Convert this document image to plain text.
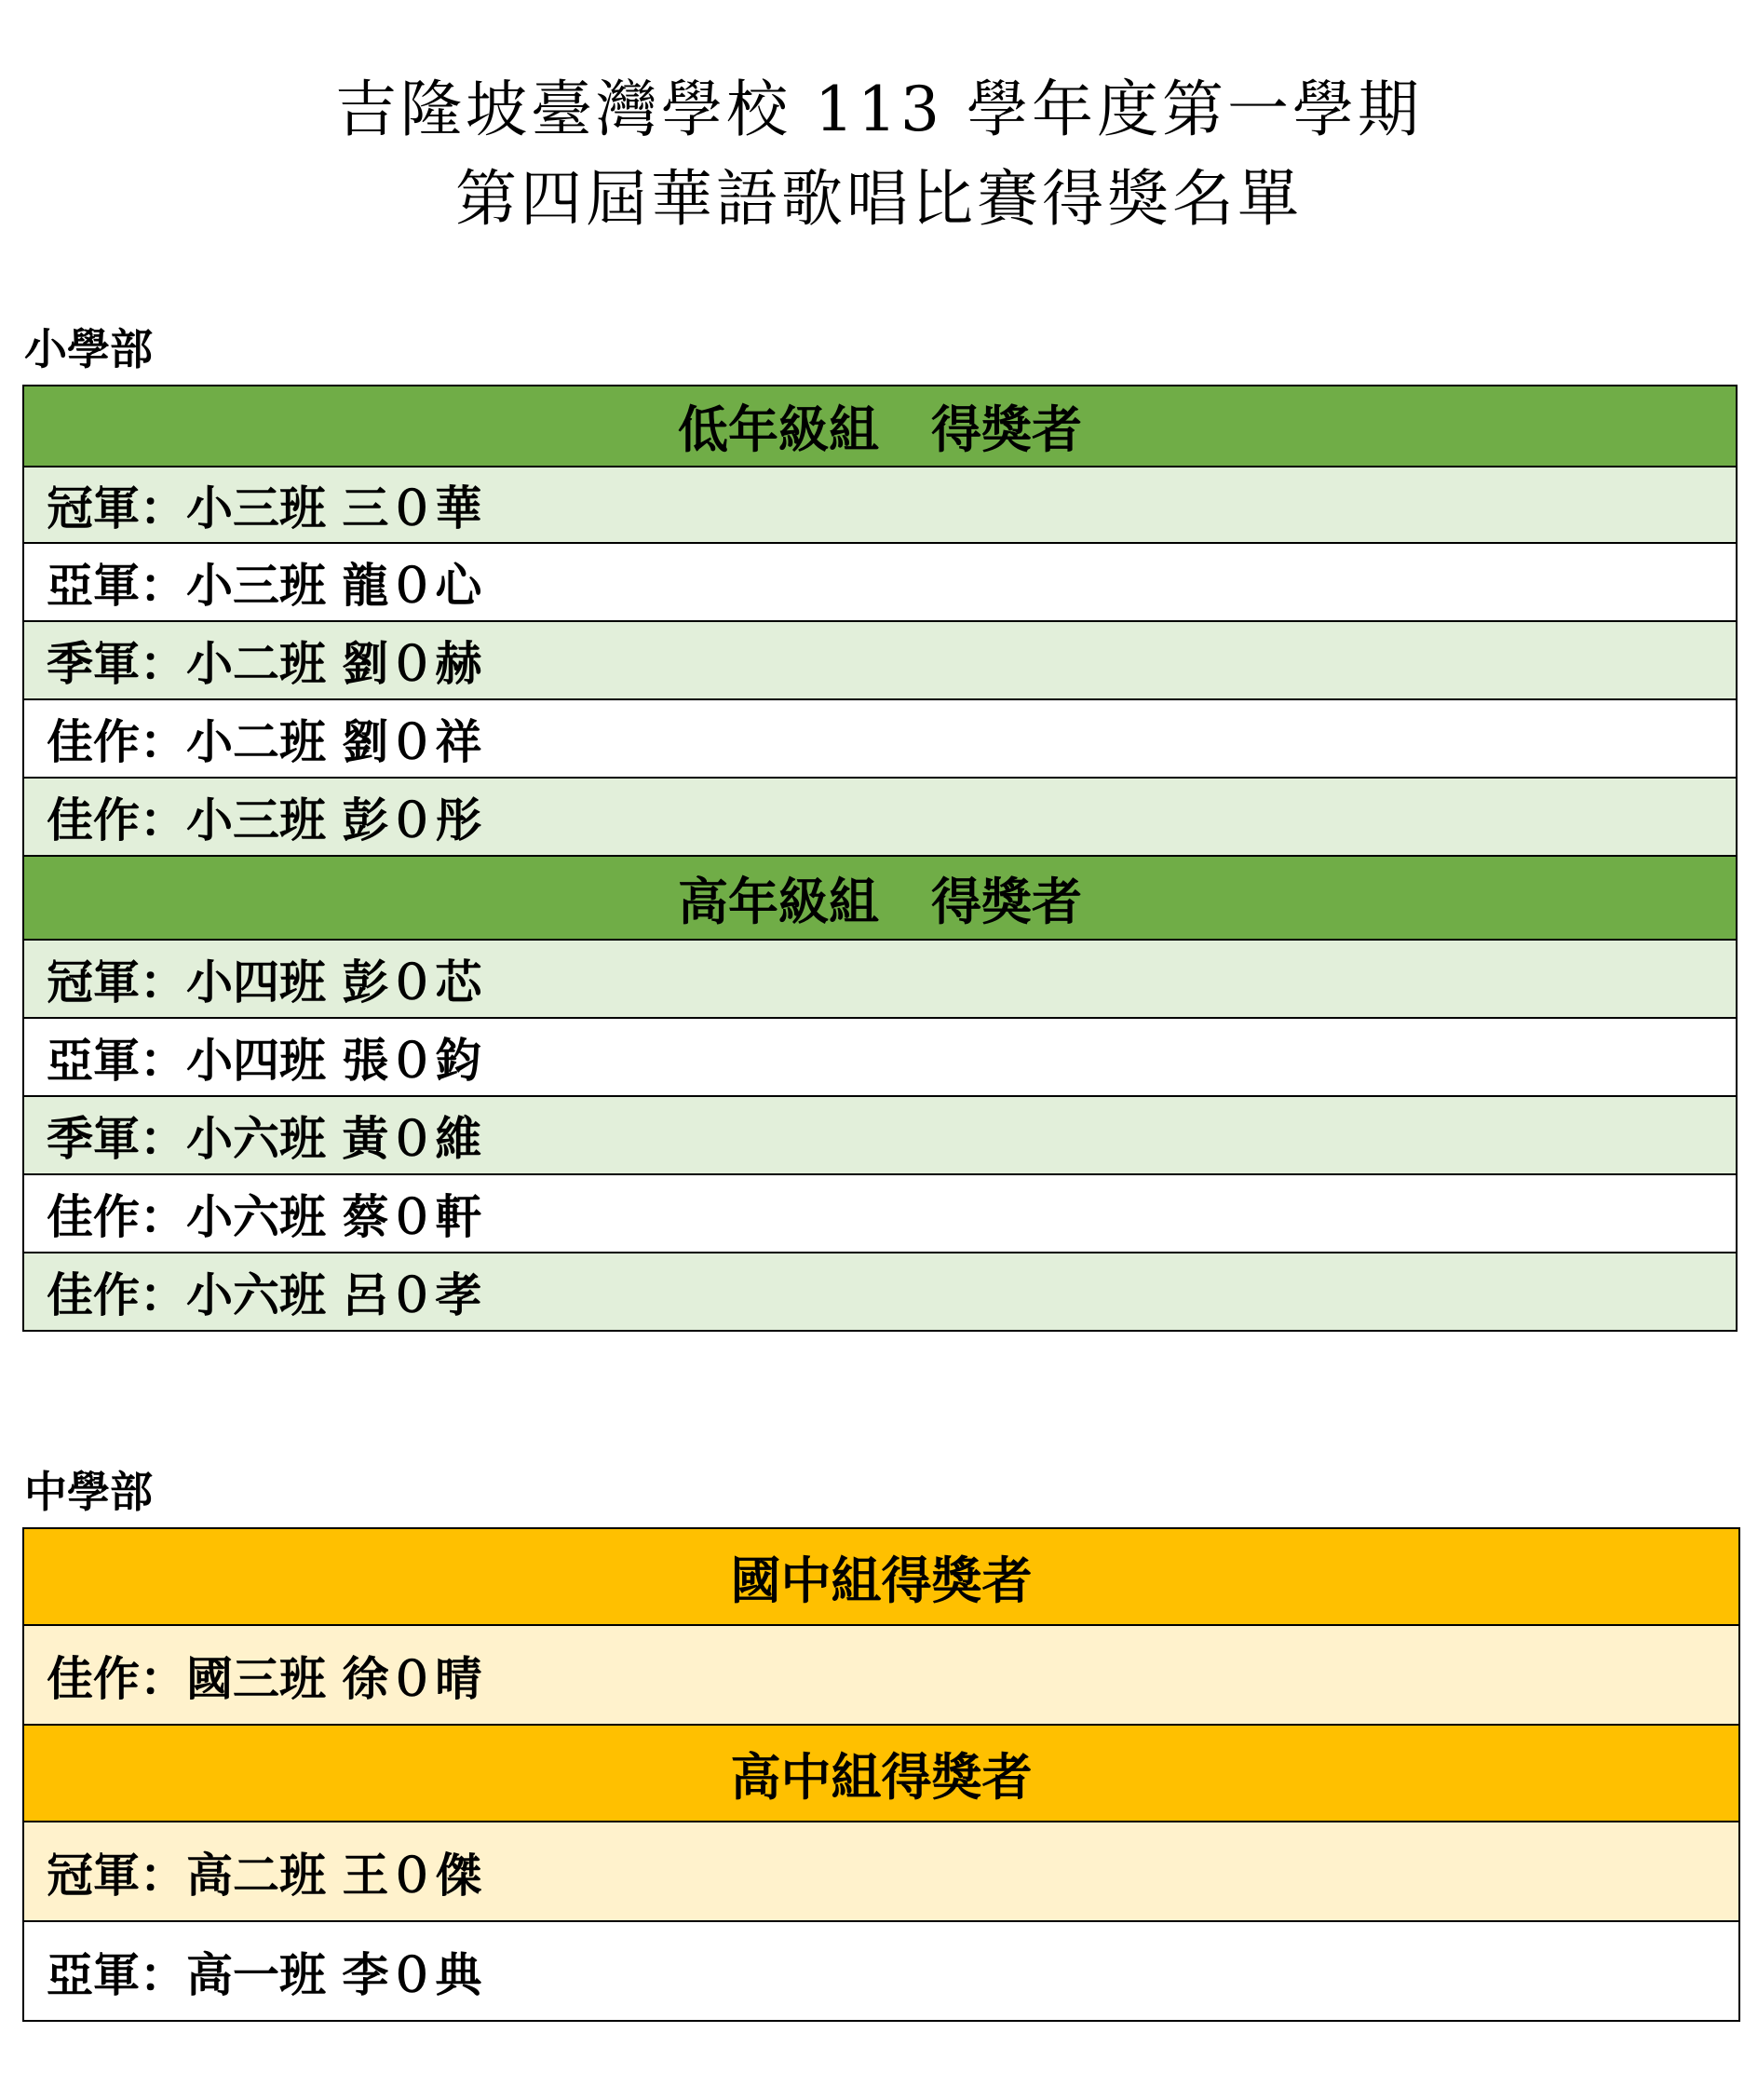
吉隆坡臺灣學校 113 學年度第一學期
第四屆華語歌唱比賽得獎名單
小學部
低年級組 得獎者
冠軍：小三班 三０華
亞軍：小三班 龍０心
季軍：小二班 劉０赫
佳作：小二班 劉０祥
佳作：小三班 彭０彤
高年級組 得獎者
冠軍：小四班 彭０芯
亞軍：小四班 張０鈞
季軍：小六班 黃０維
佳作：小六班 蔡０軒
佳作：小六班 呂０孝
中學部
國中組得獎者
佳作：國三班 徐０晴
高中組得獎者
冠軍：高二班 王０傑
亞軍：高一班 李０典
